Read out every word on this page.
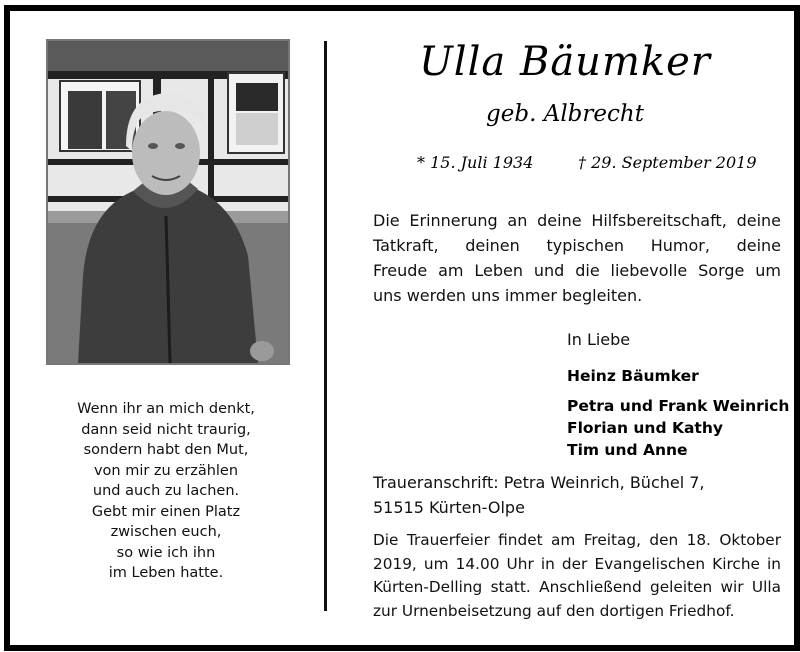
Wenn ihr an mich denkt,
dann seid nicht traurig,
sondern habt den Mut,
von mir zu erzählen
und auch zu lachen.
Gebt mir einen Platz
zwischen euch,
so wie ich ihn
im Leben hatte.
Ulla Bäumker
geb. Albrecht
* 15. Juli 1934	† 29. September 2019
Die Erinnerung an deine Hilfsbereitschaft, deine
Tatkraft, deinen typischen Humor, deine
Freude am Leben und die liebevolle Sorge um
uns werden uns immer begleiten.
In Liebe
Heinz Bäumker
Petra und Frank Weinrich
Florian und Kathy
Tim und Anne
Traueranschrift: Petra Weinrich, Büchel 7,
51515 Kürten-Olpe
Die Trauerfeier findet am Freitag, den 18. Oktober
2019, um 14.00 Uhr in der Evangelischen Kirche in
Kürten-Delling statt. Anschließend geleiten wir Ulla
zur Urnenbeisetzung auf den dortigen Friedhof.
